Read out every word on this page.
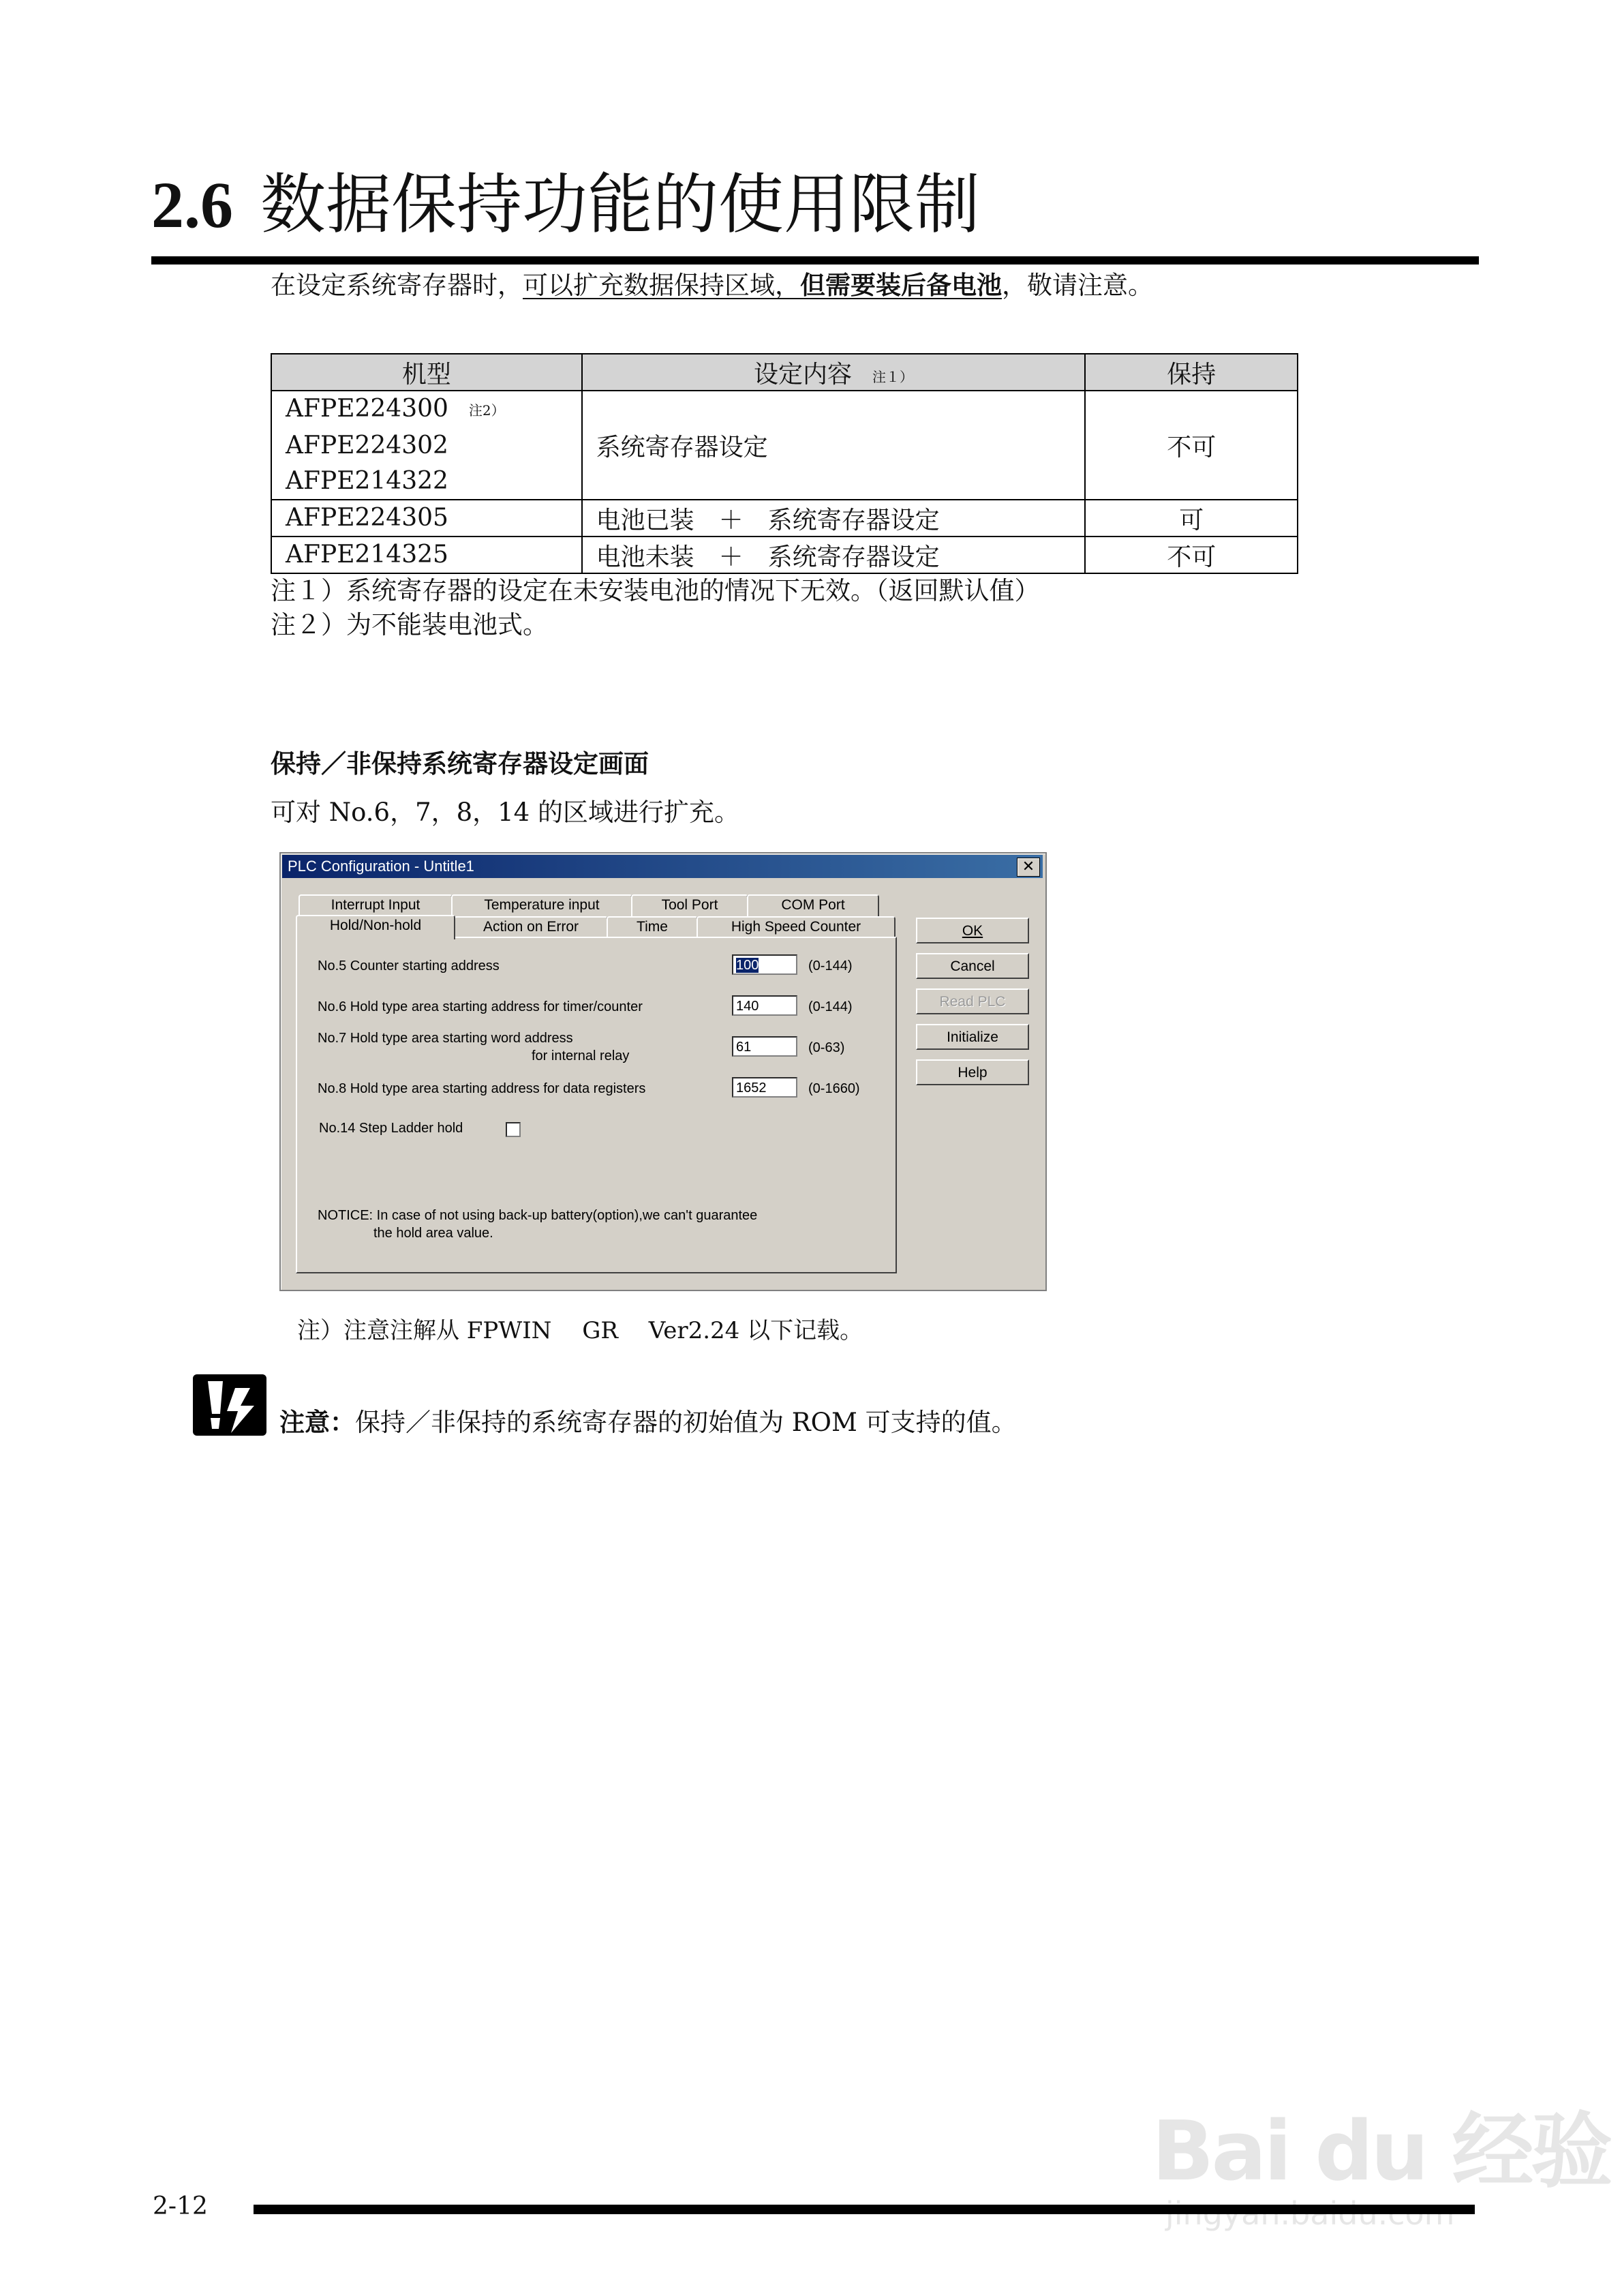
2.6 数据保持功能的使用限制
在设定系统寄存器时，可以扩充数据保持区域，但需要装后备电池，敬请注意。
机型	设定内容 注１）	保持

AFPE224300 注2）
AFPE224302
AFPE214322	系统寄存器设定	不可
AFPE224305	电池已装　＋　系统寄存器设定	可
AFPE214325	电池未装　＋　系统寄存器设定	不可
注１）系统寄存器的设定在未安装电池的情况下无效。（返回默认值）
注２）为不能装电池式。
保持／非保持系统寄存器设定画面
可对 No.6，7，8，14 的区域进行扩充。
PLC Configuration - Untitle1	✕
Interrupt Input	Temperature input	Tool Port	COM Port
Hold/Non-hold	Action on Error	Time	High Speed Counter
No.5 Counter starting address	100	(0-144)
No.6 Hold type area starting address for timer/counter	140	(0-144)
No.7 Hold type area starting word address
for internal relay
61	(0-63)
No.8 Hold type area starting address for data registers	1652	(0-1660)
No.14 Step Ladder hold
NOTICE: In case of not using back-up battery(option),we can't guarantee
the hold area value.
OK
Cancel
Read PLC
Initialize
Help
注）注意注解从 FPWIN　 GR　 Ver2.24 以下记载。
注意：保持／非保持的系统寄存器的初始值为 ROM 可支持的值。
Bai du 经验
2-12
